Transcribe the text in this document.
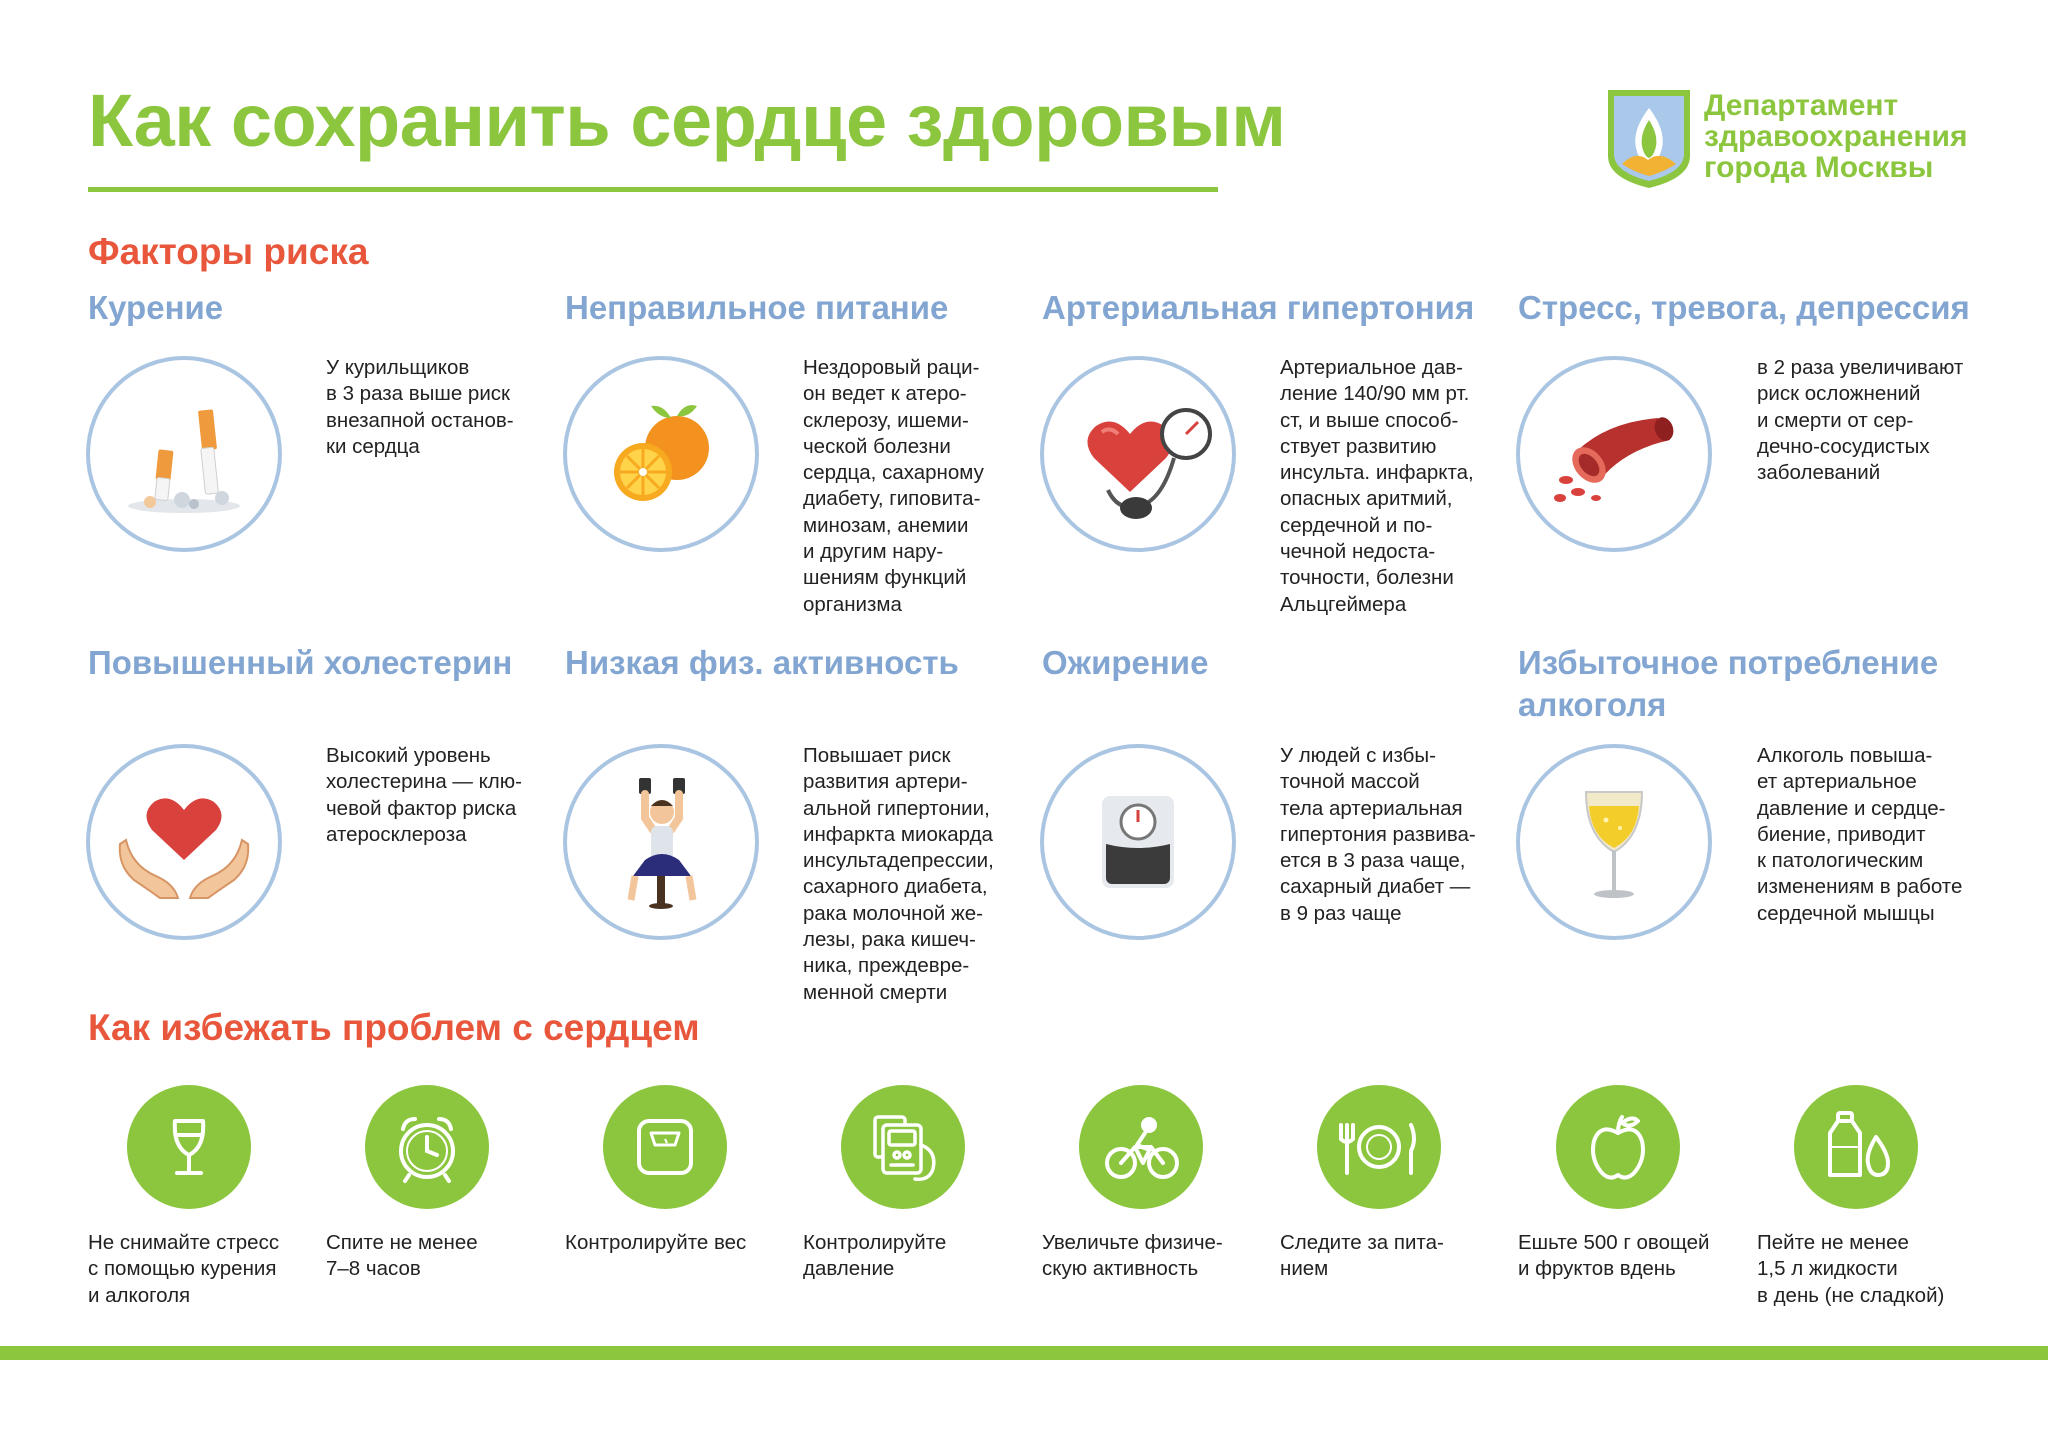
Как сохранить сердце здоровым	Департамент
здравоохранения
города Москвы
Факторы риска
Курение
У курильщиков
в 3 раза выше риск
внезапной останов-
ки сердца
Неправильное питание
Нездоровый раци-
он ведет к атеро-
склерозу, ишеми-
ческой болезни
сердца, сахарному
диабету, гиповита-
минозам, анемии
и другим нару-
шениям функций
организма
Артериальная гипертония
Артериальное дав-
ление 140/90 мм рт.
ст, и выше способ-
ствует развитию
инсульта. инфаркта,
опасных аритмий,
сердечной и по-
чечной недоста-
точности, болезни
Альцгеймера
Стресс, тревога, депрессия
в 2 раза увеличивают
риск осложнений
и смерти от сер-
дечно-сосудистых
заболеваний
Повышенный холестерин
Высокий уровень
холестерина — клю-
чевой фактор риска
атеросклероза
Низкая физ. активность
Повышает риск
развития артери-
альной гипертонии,
инфаркта миокарда
инсультадепрессии,
сахарного диабета,
рака молочной же-
лезы, рака кишеч-
ника, преждевре-
менной смерти
Ожирение
У людей с избы-
точной массой
тела артериальная
гипертония развива-
ется в 3 раза чаще,
сахарный диабет —
в 9 раз чаще
Избыточное потребление
алкоголя
Алкоголь повыша-
ет артериальное
давление и сердце-
биение, приводит
к патологическим
изменениям в работе
сердечной мышцы
Как избежать проблем с сердцем
Не снимайте стресс
с помощью курения
и алкоголя
Спите не менее
7–8 часов
Контролируйте вес	Контролируйте
давление
Увеличьте физиче-
скую активность
Следите за пита-
нием
Ешьте 500 г овощей
и фруктов вдень
Пейте не менее
1,5 л жидкости
в день (не сладкой)
